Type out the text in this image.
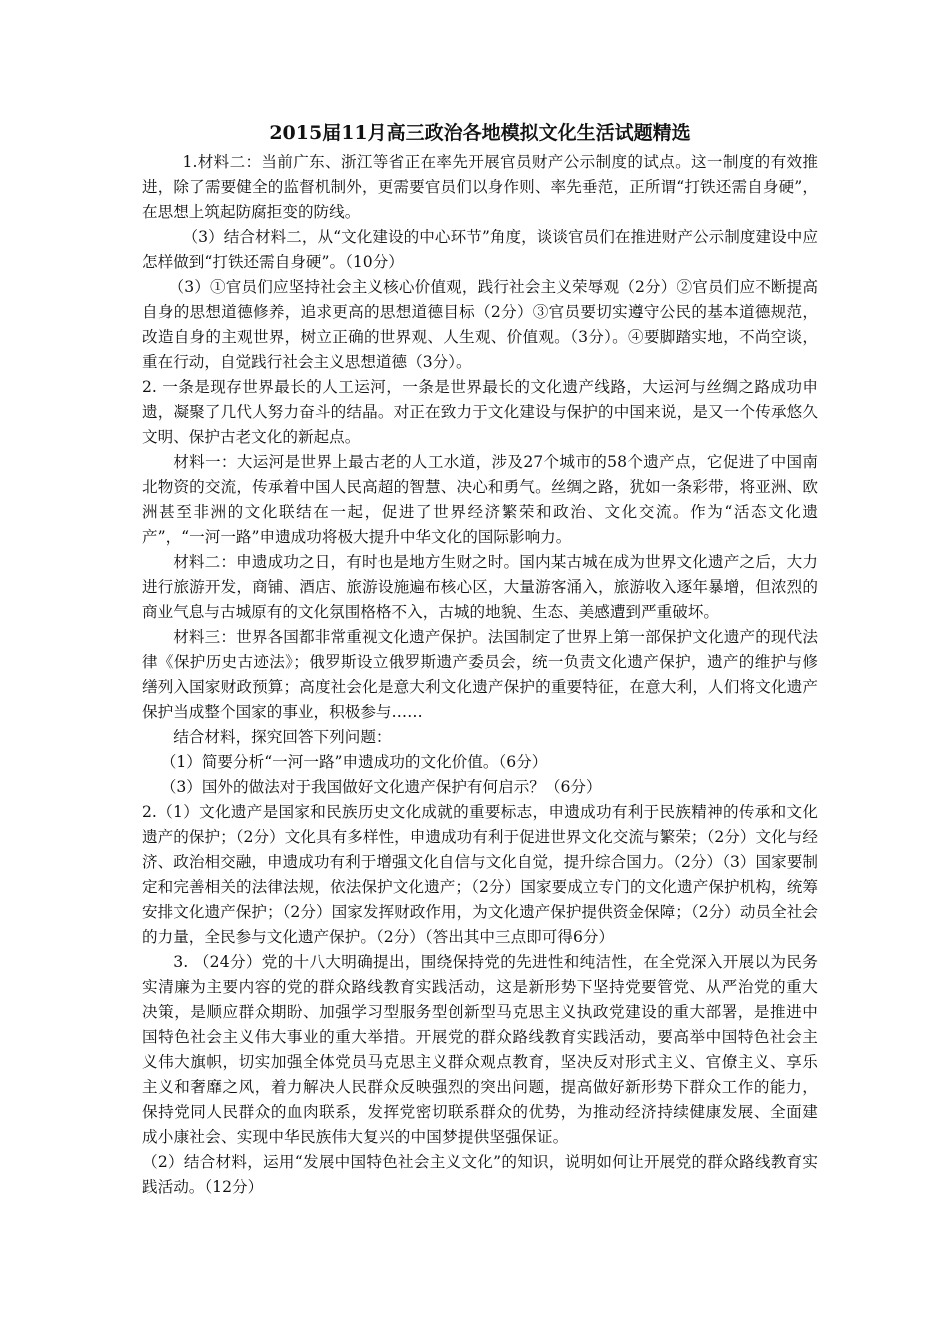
2015届11月高三政治各地模拟文化生活试题精选

1.材料二：当前广东、浙江等省正在率先开展官员财产公示制度的试点。这一制度的有效推进，除了需要健全的监督机制外，更需要官员们以身作则、率先垂范，正所谓“打铁还需自身硬”，在思想上筑起防腐拒变的防线。

（3）结合材料二，从“文化建设的中心环节”角度，谈谈官员们在推进财产公示制度建设中应怎样做到“打铁还需自身硬”。（10分）

（3）①官员们应坚持社会主义核心价值观，践行社会主义荣辱观（2分）②官员们应不断提高自身的思想道德修养，追求更高的思想道德目标（2分）③官员要切实遵守公民的基本道德规范，改造自身的主观世界，树立正确的世界观、人生观、价值观。（3分）。④要脚踏实地，不尚空谈，重在行动，自觉践行社会主义思想道德（3分）。

2. 一条是现存世界最长的人工运河，一条是世界最长的文化遗产线路，大运河与丝绸之路成功申遗，凝聚了几代人努力奋斗的结晶。对正在致力于文化建设与保护的中国来说，是又一个传承悠久文明、保护古老文化的新起点。

材料一：大运河是世界上最古老的人工水道，涉及27个城市的58个遗产点，它促进了中国南北物资的交流，传承着中国人民高超的智慧、决心和勇气。丝绸之路，犹如一条彩带，将亚洲、欧洲甚至非洲的文化联结在一起，促进了世界经济繁荣和政治、文化交流。作为“活态文化遗产”，“一河一路”申遗成功将极大提升中华文化的国际影响力。

材料二：申遗成功之日，有时也是地方生财之时。国内某古城在成为世界文化遗产之后，大力进行旅游开发，商铺、酒店、旅游设施遍布核心区，大量游客涌入，旅游收入逐年暴增，但浓烈的商业气息与古城原有的文化氛围格格不入，古城的地貌、生态、美感遭到严重破坏。

材料三：世界各国都非常重视文化遗产保护。法国制定了世界上第一部保护文化遗产的现代法律《保护历史古迹法》；俄罗斯设立俄罗斯遗产委员会，统一负责文化遗产保护，遗产的维护与修缮列入国家财政预算；高度社会化是意大利文化遗产保护的重要特征，在意大利，人们将文化遗产保护当成整个国家的事业，积极参与……

结合材料，探究回答下列问题：

（1）简要分析“一河一路”申遗成功的文化价值。（6分）

（3）国外的做法对于我国做好文化遗产保护有何启示？（6分）

2.（1）文化遗产是国家和民族历史文化成就的重要标志，申遗成功有利于民族精神的传承和文化遗产的保护；（2分）文化具有多样性，申遗成功有利于促进世界文化交流与繁荣；（2分）文化与经济、政治相交融，申遗成功有利于增强文化自信与文化自觉，提升综合国力。（2分）（3）国家要制定和完善相关的法律法规，依法保护文化遗产；（2分）国家要成立专门的文化遗产保护机构，统筹安排文化遗产保护；（2分）国家发挥财政作用，为文化遗产保护提供资金保障；（2分）动员全社会的力量，全民参与文化遗产保护。（2分）（答出其中三点即可得6分）

3. （24分）党的十八大明确提出，围绕保持党的先进性和纯洁性，在全党深入开展以为民务实清廉为主要内容的党的群众路线教育实践活动，这是新形势下坚持党要管党、从严治党的重大决策，是顺应群众期盼、加强学习型服务型创新型马克思主义执政党建设的重大部署，是推进中国特色社会主义伟大事业的重大举措。开展党的群众路线教育实践活动，要高举中国特色社会主义伟大旗帜，切实加强全体党员马克思主义群众观点教育，坚决反对形式主义、官僚主义、享乐主义和奢靡之风，着力解决人民群众反映强烈的突出问题，提高做好新形势下群众工作的能力，保持党同人民群众的血肉联系，发挥党密切联系群众的优势，为推动经济持续健康发展、全面建成小康社会、实现中华民族伟大复兴的中国梦提供坚强保证。

（2）结合材料，运用“发展中国特色社会主义文化”的知识，说明如何让开展党的群众路线教育实践活动。（12分）
